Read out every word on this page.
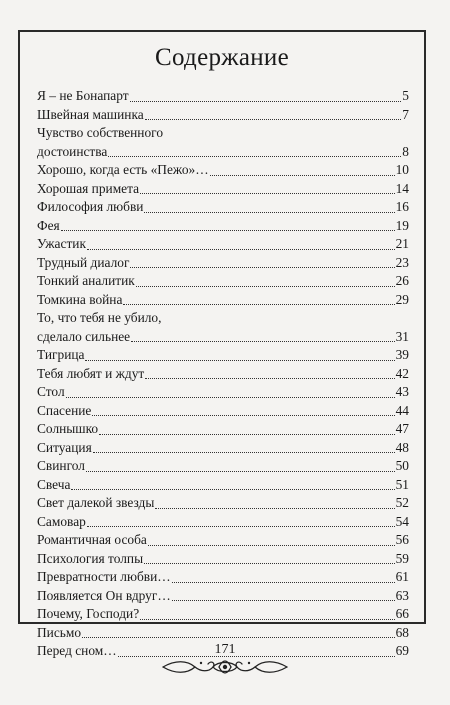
Содержание
Я – не Бонапарт	5
Швейная машинка	7
Чувство собственного
достоинства	8
Хорошо, когда есть «Пежо»…	10
Хорошая примета	14
Философия любви	16
Фея	19
Ужастик	21
Трудный диалог	23
Тонкий аналитик	26
Томкина война	29
То, что тебя не убило,
сделало сильнее	31
Тигрица	39
Тебя любят и ждут	42
Стол	43
Спасение	44
Солнышко	47
Ситуация	48
Свингол	50
Свеча	51
Свет далекой звезды	52
Самовар	54
Романтичная особа	56
Психология толпы	59
Превратности любви…	61
Появляется Он вдруг…	63
Почему, Господи?	66
Письмо	68
Перед сном…	69
171
